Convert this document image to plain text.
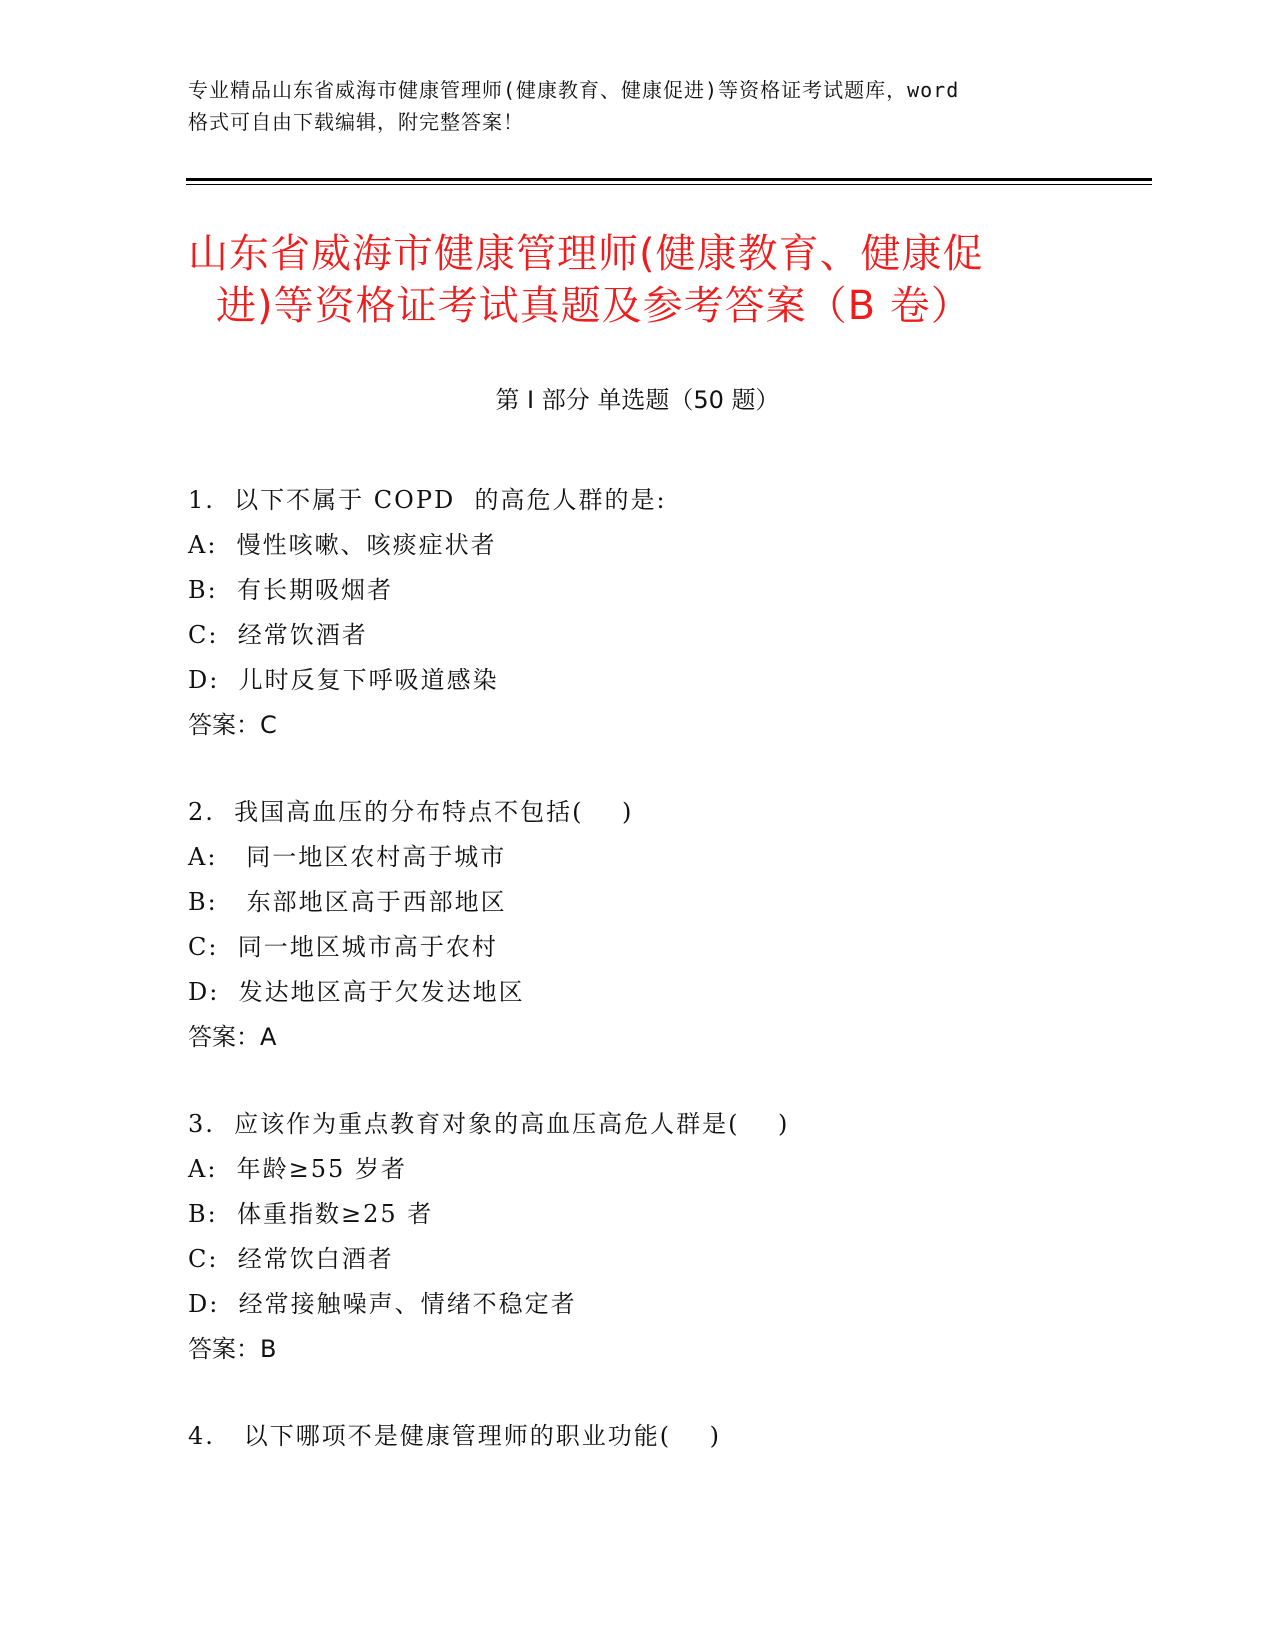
专业精品山东省威海市健康管理师(健康教育、健康促进)等资格证考试题库，word
格式可自由下载编辑，附完整答案！
山东省威海市健康管理师(健康教育、健康促
进)等资格证考试真题及参考答案（B 卷）
第 I 部分 单选题（50 题）
1.  以下不属于 COPD  的高危人群的是:
A:  慢性咳嗽、咳痰症状者
B:  有长期吸烟者
C:  经常饮酒者
D:  儿时反复下呼吸道感染
答案：C
2.  我国高血压的分布特点不包括(    )
A:   同一地区农村高于城市
B:   东部地区高于西部地区
C:  同一地区城市高于农村
D:  发达地区高于欠发达地区
答案：A
3.  应该作为重点教育对象的高血压高危人群是(    )
A:  年龄≥55 岁者
B:  体重指数≥25 者
C:  经常饮白酒者
D:  经常接触噪声、情绪不稳定者
答案：B
4.   以下哪项不是健康管理师的职业功能(    )
